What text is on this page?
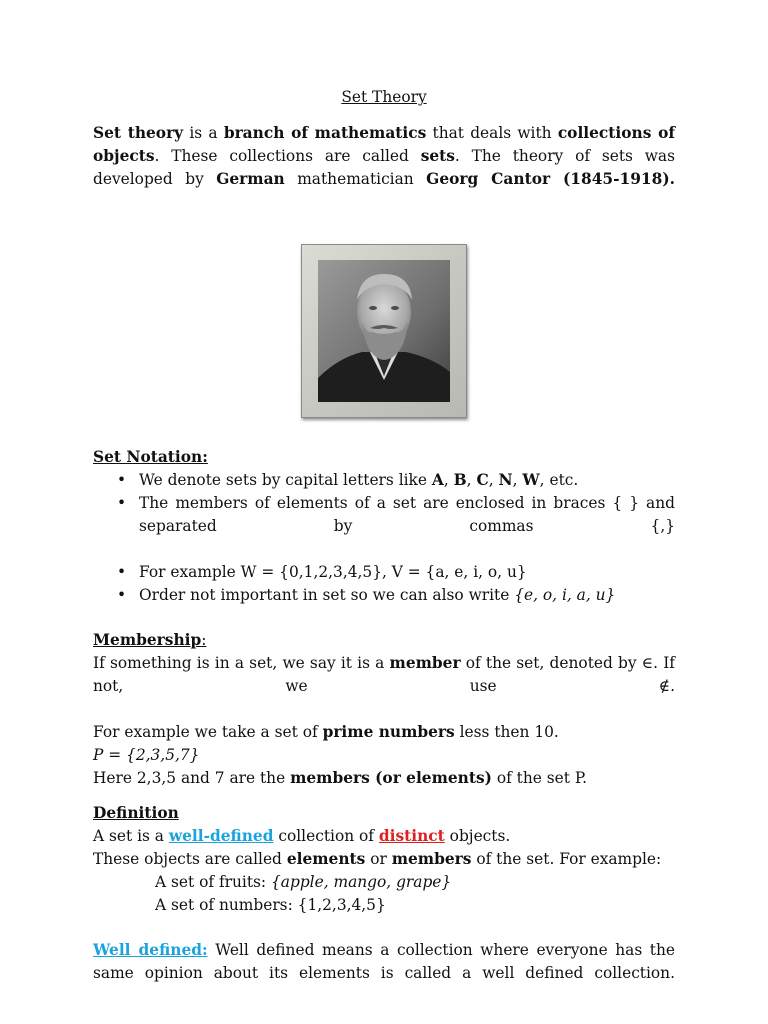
Set Theory

Set theory is a branch of mathematics that deals with collections of objects. These collections are called sets. The theory of sets was developed by German mathematician Georg Cantor (1845-1918).

Set Notation:
• We denote sets by capital letters like A, B, C, N, W, etc.
• The members of elements of a set are enclosed in braces { } and separated by commas {,}
• For example W = {0,1,2,3,4,5}, V = {a, e, i, o, u}
• Order not important in set so we can also write {e, o, i, a, u}
Membership:

If something is in a set, we say it is a member of the set, denoted by ∈. If not, we use ∉.

For example we take a set of prime numbers less then 10.

P = {2,3,5,7}

Here 2,3,5 and 7 are the members (or elements) of the set P.

Definition

A set is a well-defined collection of distinct objects.

These objects are called elements or members of the set. For example:

A set of fruits: {apple, mango, grape}

A set of numbers: {1,2,3,4,5}

Well defined: Well defined means a collection where everyone has the same opinion about its elements is called a well defined collection.
